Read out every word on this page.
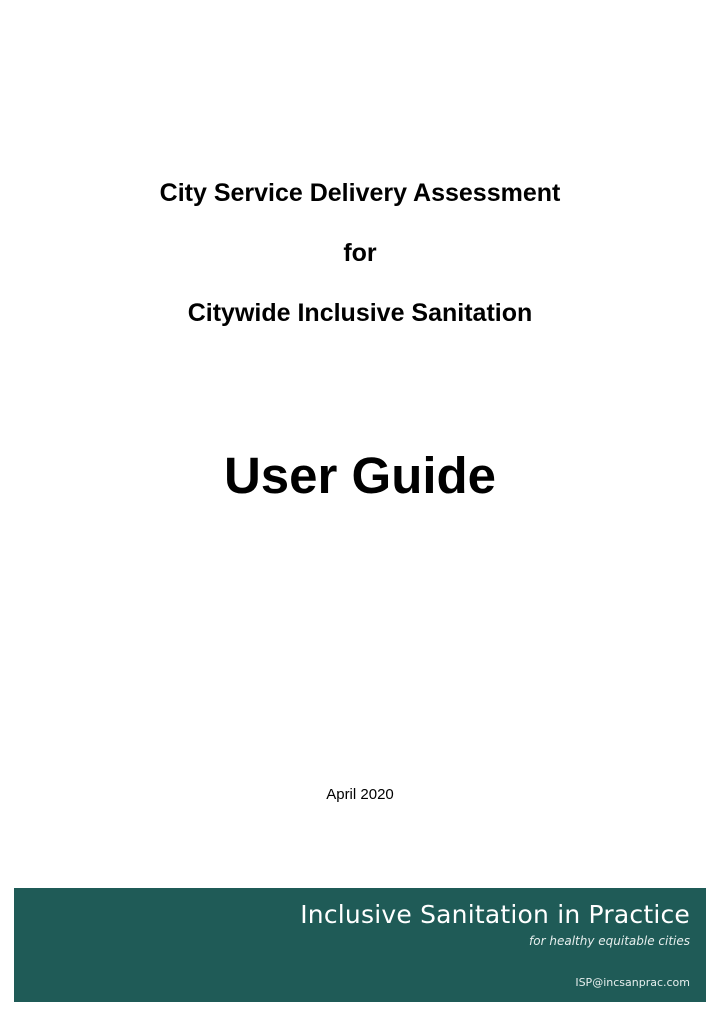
City Service Delivery Assessment
for
Citywide Inclusive Sanitation
User Guide
April 2020
Inclusive Sanitation in Practice
for healthy equitable cities
ISP@incsanprac.com
